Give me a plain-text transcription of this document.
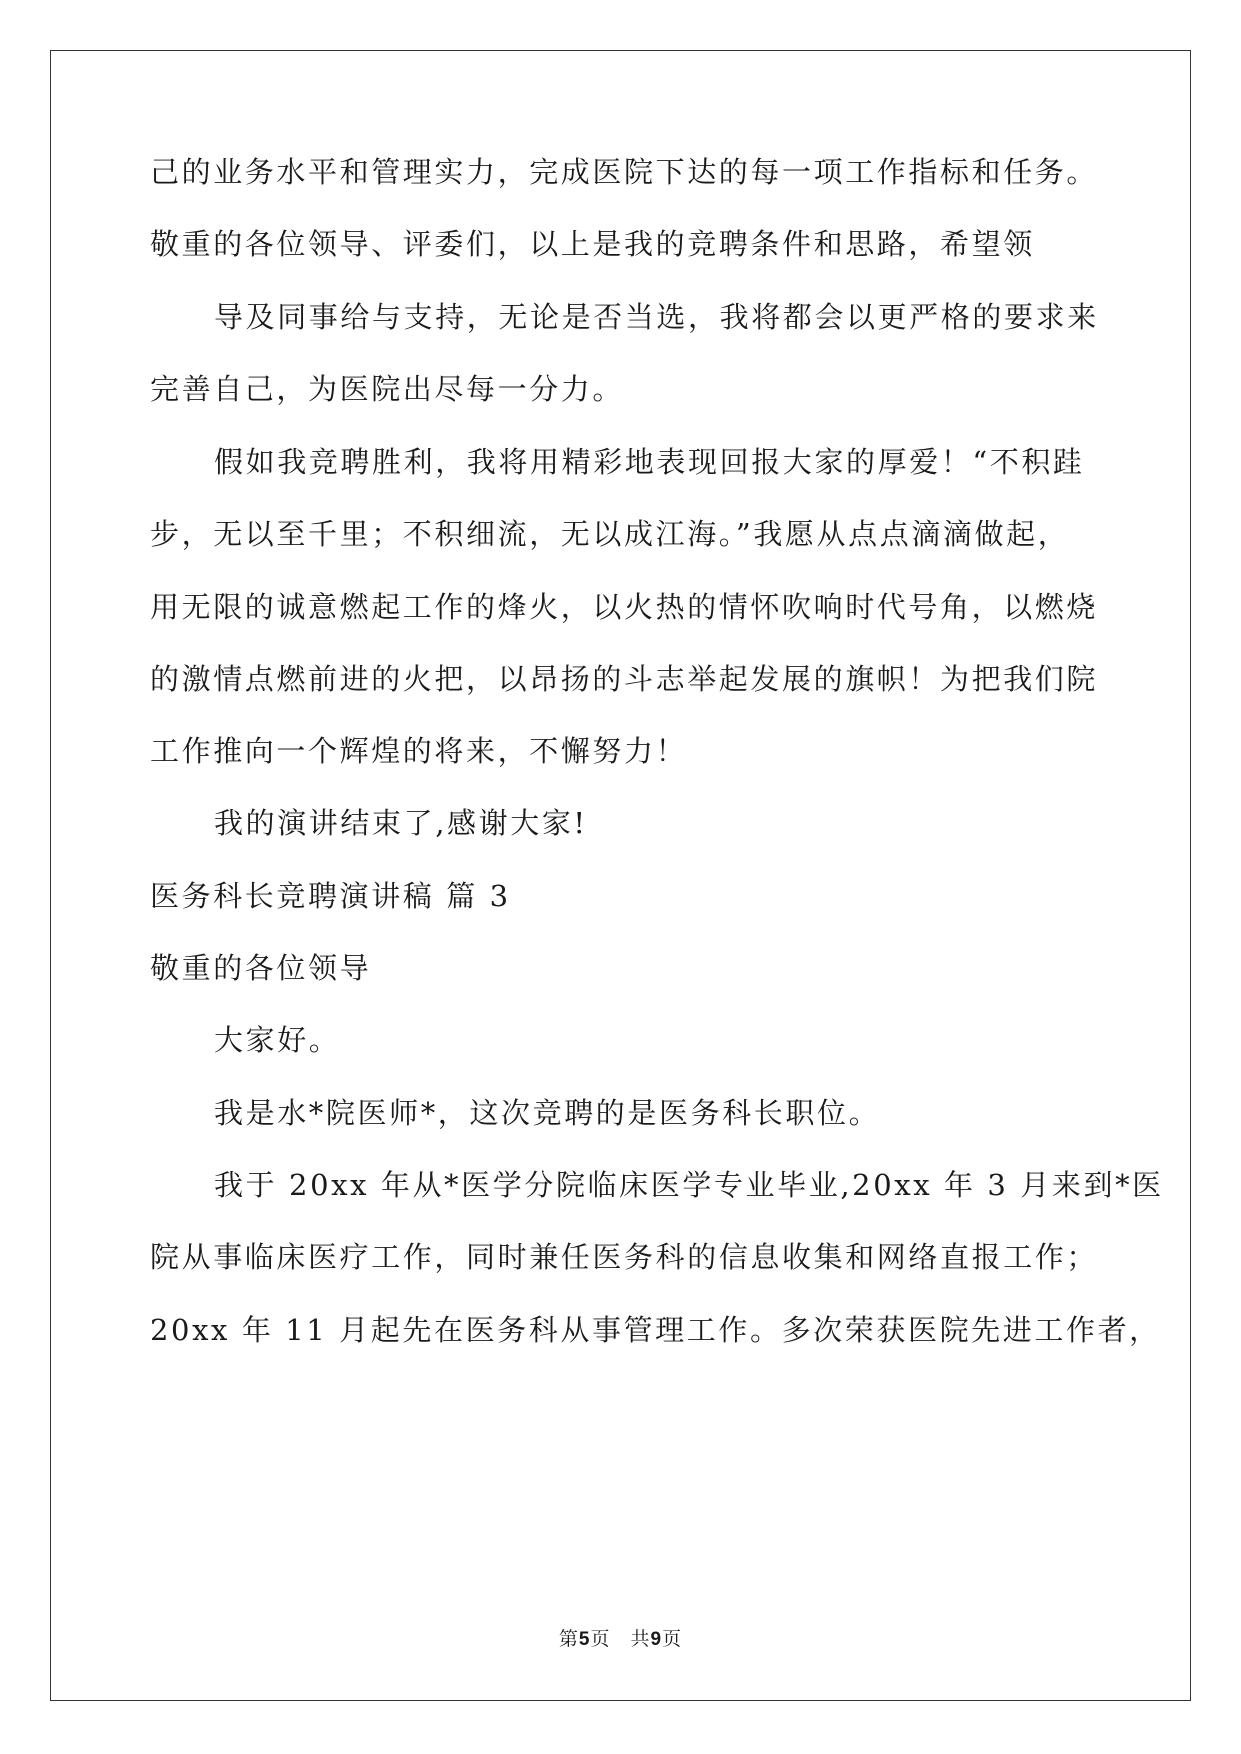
己的业务水平和管理实力，完成医院下达的每一项工作指标和任务。
敬重的各位领导、评委们，以上是我的竞聘条件和思路，希望领
导及同事给与支持，无论是否当选，我将都会以更严格的要求来
完善自己，为医院出尽每一分力。
假如我竞聘胜利，我将用精彩地表现回报大家的厚爱！“不积跬
步，无以至千里；不积细流，无以成江海。”我愿从点点滴滴做起，
用无限的诚意燃起工作的烽火，以火热的情怀吹响时代号角，以燃烧
的激情点燃前进的火把，以昂扬的斗志举起发展的旗帜！为把我们院
工作推向一个辉煌的将来，不懈努力！
我的演讲结束了,感谢大家!
医务科长竞聘演讲稿 篇 3
敬重的各位领导
大家好。
我是水*院医师*，这次竞聘的是医务科长职位。
我于 20xx 年从*医学分院临床医学专业毕业,20xx 年 3 月来到*医
院从事临床医疗工作，同时兼任医务科的信息收集和网络直报工作；
20xx 年 11 月起先在医务科从事管理工作。多次荣获医院先进工作者，
第5页　共9页
